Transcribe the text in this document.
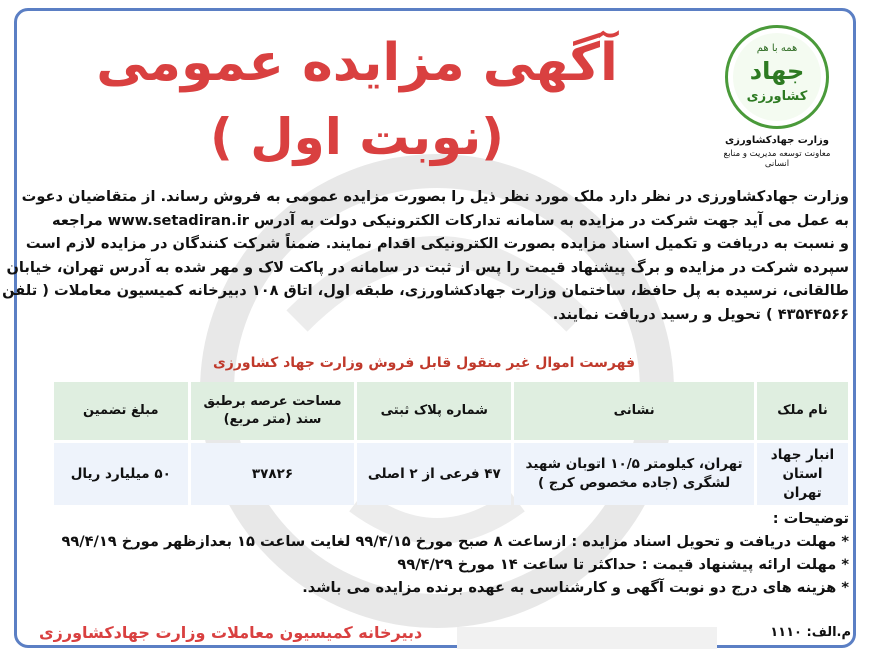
آگهی مزایده عمومی
(نوبت اول )
همه با هم
جهاد
کشاورزی
وزارت جهادکشاورزی
معاونت توسعه مدیریت و منابع انسانی
وزارت جهادکشاورزی در نظر دارد ملک مورد نظر ذیل را بصورت مزایده عمومی به فروش رساند. از متقاضیان دعوت
به عمل می آید جهت شرکت در مزایده به سامانه تدارکات الکترونیکی دولت به آدرس www.setadiran.ir مراجعه
و نسبت به دریافت و تکمیل اسناد مزایده بصورت الکترونیکی اقدام نمایند. ضمناً شرکت کنندگان در مزایده لازم است
سپرده شرکت در مزایده و برگ پیشنهاد قیمت را پس از ثبت در سامانه در پاکت لاک و مهر شده به آدرس تهران، خیابان
طالقانی، نرسیده به پل حافظ، ساختمان وزارت جهادکشاورزی، طبقه اول، اتاق ۱۰۸ دبیرخانه کمیسیون معاملات ( تلفن
۴۳۵۴۴۵۶۶ ) تحویل و رسید دریافت نمایند.
فهرست اموال غیر منقول قابل فروش وزارت جهاد کشاورزی
نام ملک	نشانی	شماره پلاک ثبتی	مساحت عرصه برطبق سند (متر مربع)	مبلغ تضمین
انبار جهاد استان تهران	تهران، کیلومتر ۱۰/۵ اتوبان شهید لشگری (جاده مخصوص کرج )	۴۷ فرعی از ۲ اصلی	۳۷۸۲۶	۵۰ میلیارد ریال
توضیحات :
* مهلت دریافت و تحویل اسناد مزایده : ازساعت ۸ صبح مورخ ۹۹/۴/۱۵ لغایت ساعت ۱۵ بعدازظهر مورخ ۹۹/۴/۱۹
* مهلت ارائه پیشنهاد قیمت : حداکثر تا ساعت ۱۴ مورخ ۹۹/۴/۲۹
* هزینه های درج دو نوبت آگهی و کارشناسی به عهده برنده مزایده می باشد.
م.الف: ۱۱۱۰
دبیرخانه کمیسیون معاملات وزارت جهادکشاورزی
